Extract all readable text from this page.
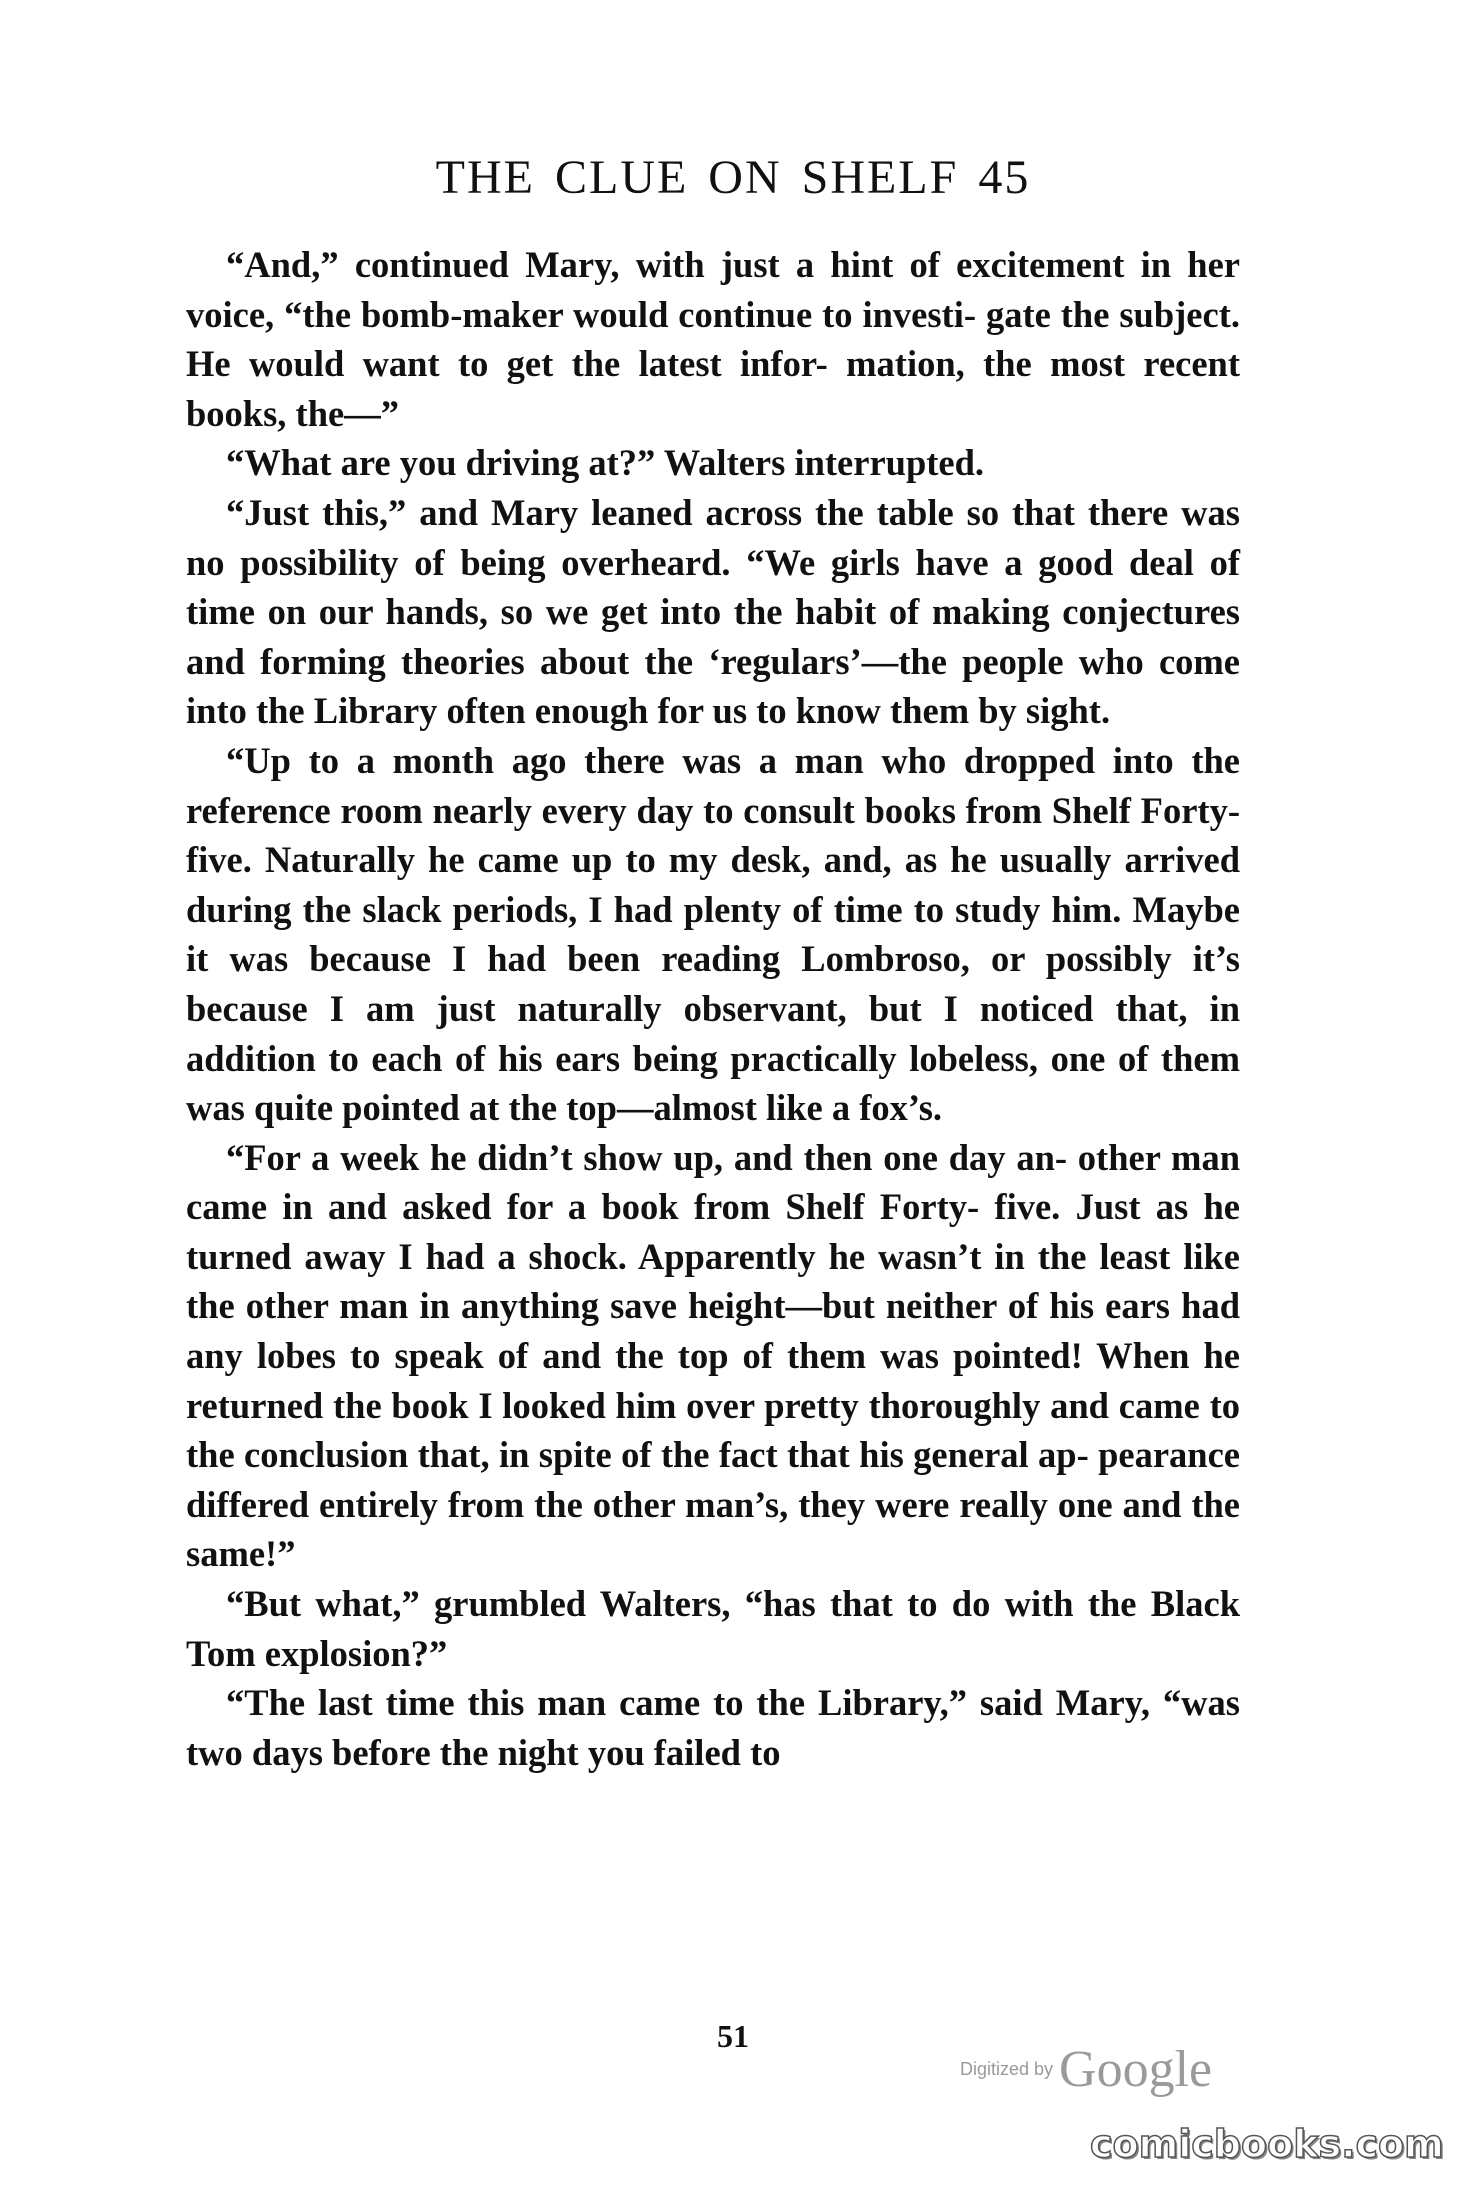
THE CLUE ON SHELF 45

“And,” continued Mary, with just a hint of excitement in her voice, “the bomb-maker would continue to investi- gate the subject. He would want to get the latest infor- mation, the most recent books, the—”

“What are you driving at?” Walters interrupted.

“Just this,” and Mary leaned across the table so that there was no possibility of being overheard. “We girls have a good deal of time on our hands, so we get into the habit of making conjectures and forming theories about the ‘regulars’—the people who come into the Library often enough for us to know them by sight.

“Up to a month ago there was a man who dropped into the reference room nearly every day to consult books from Shelf Forty-five. Naturally he came up to my desk, and, as he usually arrived during the slack periods, I had plenty of time to study him. Maybe it was because I had been reading Lombroso, or possibly it’s because I am just naturally observant, but I noticed that, in addition to each of his ears being practically lobeless, one of them was quite pointed at the top—almost like a fox’s.

“For a week he didn’t show up, and then one day an- other man came in and asked for a book from Shelf Forty- five. Just as he turned away I had a shock. Apparently he wasn’t in the least like the other man in anything save height—but neither of his ears had any lobes to speak of and the top of them was pointed! When he returned the book I looked him over pretty thoroughly and came to the conclusion that, in spite of the fact that his general ap- pearance differed entirely from the other man’s, they were really one and the same!”

“But what,” grumbled Walters, “has that to do with the Black Tom explosion?”

“The last time this man came to the Library,” said Mary, “was two days before the night you failed to

51
Digitized by Google
comicbooks.com
